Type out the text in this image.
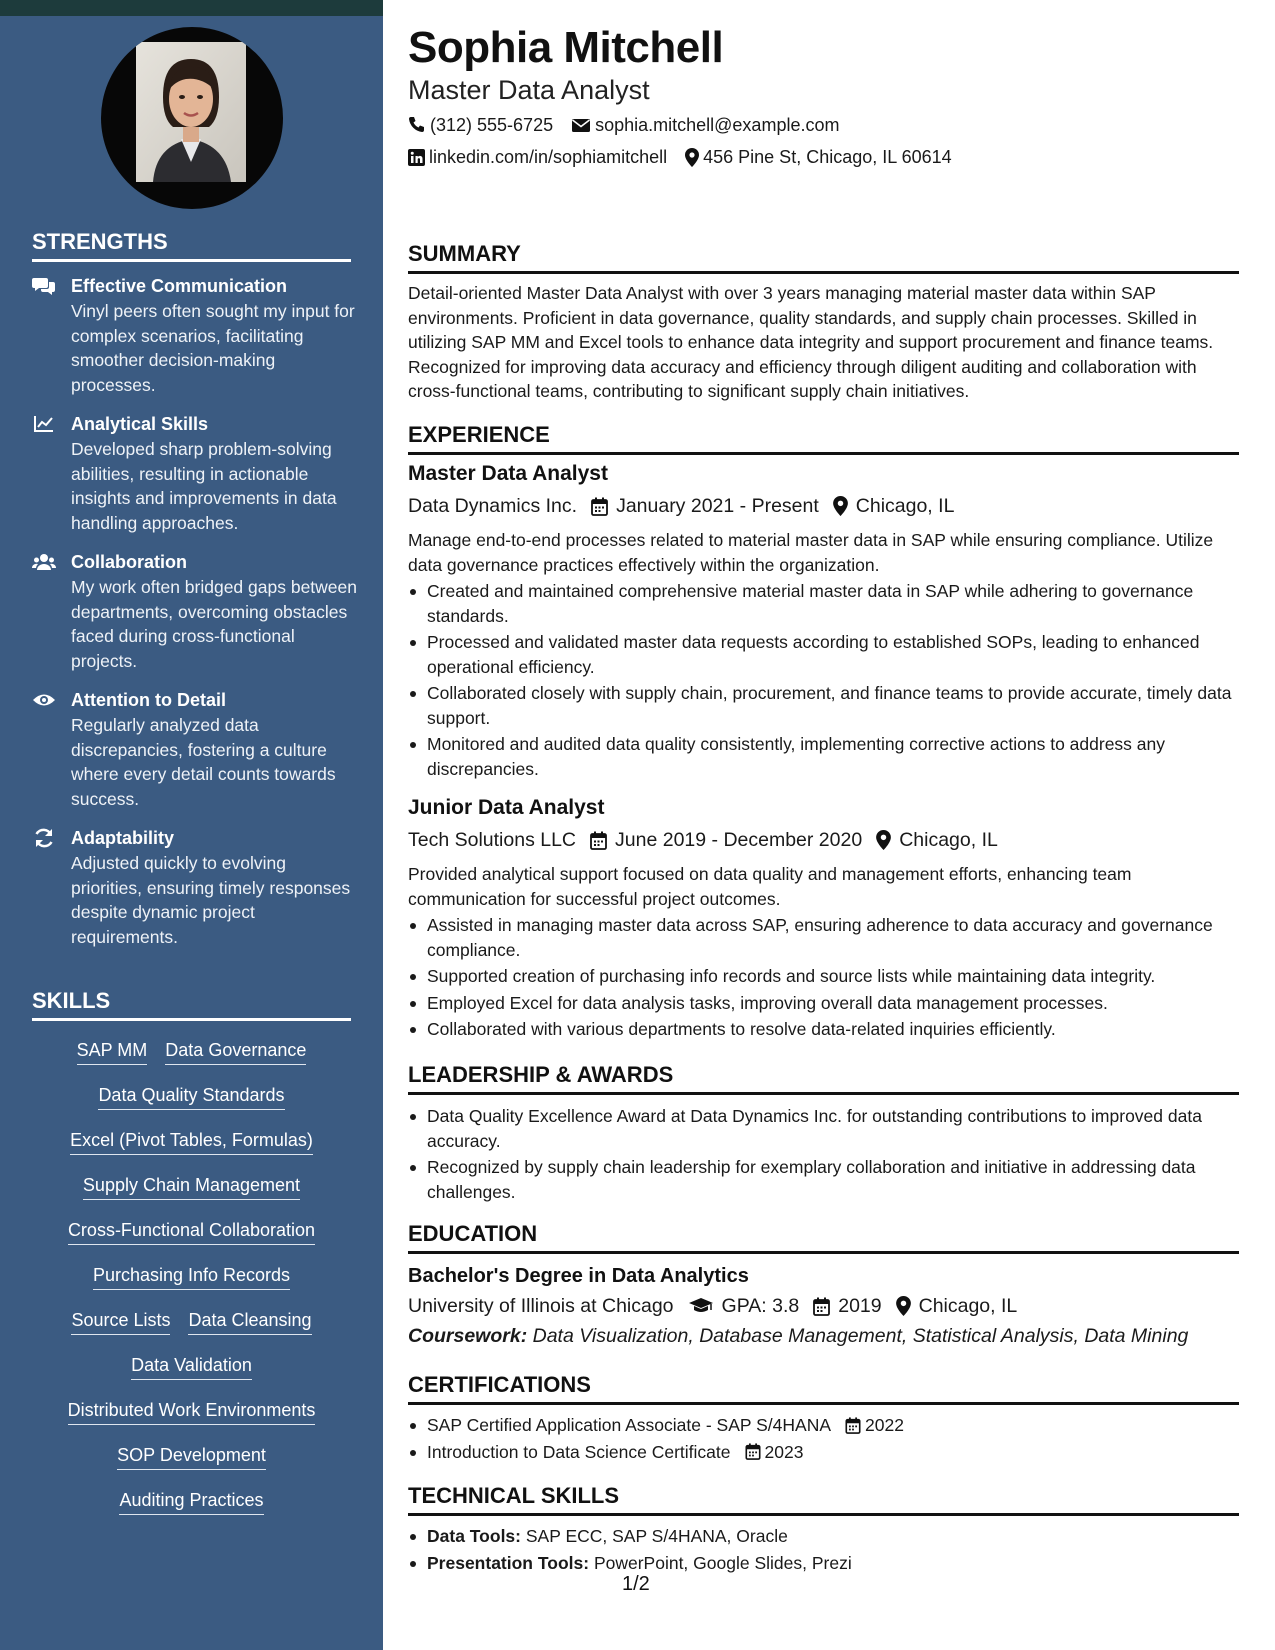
STRENGTHS
Effective Communication
Vinyl peers often sought my input for complex scenarios, facilitating smoother decision-making processes.
Analytical Skills
Developed sharp problem-solving abilities, resulting in actionable insights and improvements in data handling approaches.
Collaboration
My work often bridged gaps between departments, overcoming obstacles faced during cross-functional projects.
Attention to Detail
Regularly analyzed data discrepancies, fostering a culture where every detail counts towards success.
Adaptability
Adjusted quickly to evolving priorities, ensuring timely responses despite dynamic project requirements.
SKILLS
SAP MM Data Governance
Data Quality Standards
Excel (Pivot Tables, Formulas)
Supply Chain Management
Cross-Functional Collaboration
Purchasing Info Records
Source Lists Data Cleansing
Data Validation
Distributed Work Environments
SOP Development
Auditing Practices
Sophia Mitchell
Master Data Analyst
(312) 555-6725 sophia.mitchell@example.com
linkedin.com/in/sophiamitchell 456 Pine St, Chicago, IL 60614
SUMMARY
Detail-oriented Master Data Analyst with over 3 years managing material master data within SAP environments. Proficient in data governance, quality standards, and supply chain processes. Skilled in utilizing SAP MM and Excel tools to enhance data integrity and support procurement and finance teams. Recognized for improving data accuracy and efficiency through diligent auditing and collaboration with cross-functional teams, contributing to significant supply chain initiatives.
EXPERIENCE
Master Data Analyst
Data Dynamics Inc. January 2021 - Present Chicago, IL
Manage end-to-end processes related to material master data in SAP while ensuring compliance. Utilize data governance practices effectively within the organization.
Created and maintained comprehensive material master data in SAP while adhering to governance standards.
Processed and validated master data requests according to established SOPs, leading to enhanced operational efficiency.
Collaborated closely with supply chain, procurement, and finance teams to provide accurate, timely data support.
Monitored and audited data quality consistently, implementing corrective actions to address any discrepancies.
Junior Data Analyst
Tech Solutions LLC June 2019 - December 2020 Chicago, IL
Provided analytical support focused on data quality and management efforts, enhancing team communication for successful project outcomes.
Assisted in managing master data across SAP, ensuring adherence to data accuracy and governance compliance.
Supported creation of purchasing info records and source lists while maintaining data integrity.
Employed Excel for data analysis tasks, improving overall data management processes.
Collaborated with various departments to resolve data-related inquiries efficiently.
LEADERSHIP & AWARDS
Data Quality Excellence Award at Data Dynamics Inc. for outstanding contributions to improved data accuracy.
Recognized by supply chain leadership for exemplary collaboration and initiative in addressing data challenges.
EDUCATION
Bachelor's Degree in Data Analytics
University of Illinois at Chicago GPA: 3.8 2019 Chicago, IL
Coursework: Data Visualization, Database Management, Statistical Analysis, Data Mining
CERTIFICATIONS
SAP Certified Application Associate - SAP S/4HANA 2022
Introduction to Data Science Certificate 2023
TECHNICAL SKILLS
Data Tools: SAP ECC, SAP S/4HANA, Oracle
Presentation Tools: PowerPoint, Google Slides, Prezi
1/2
